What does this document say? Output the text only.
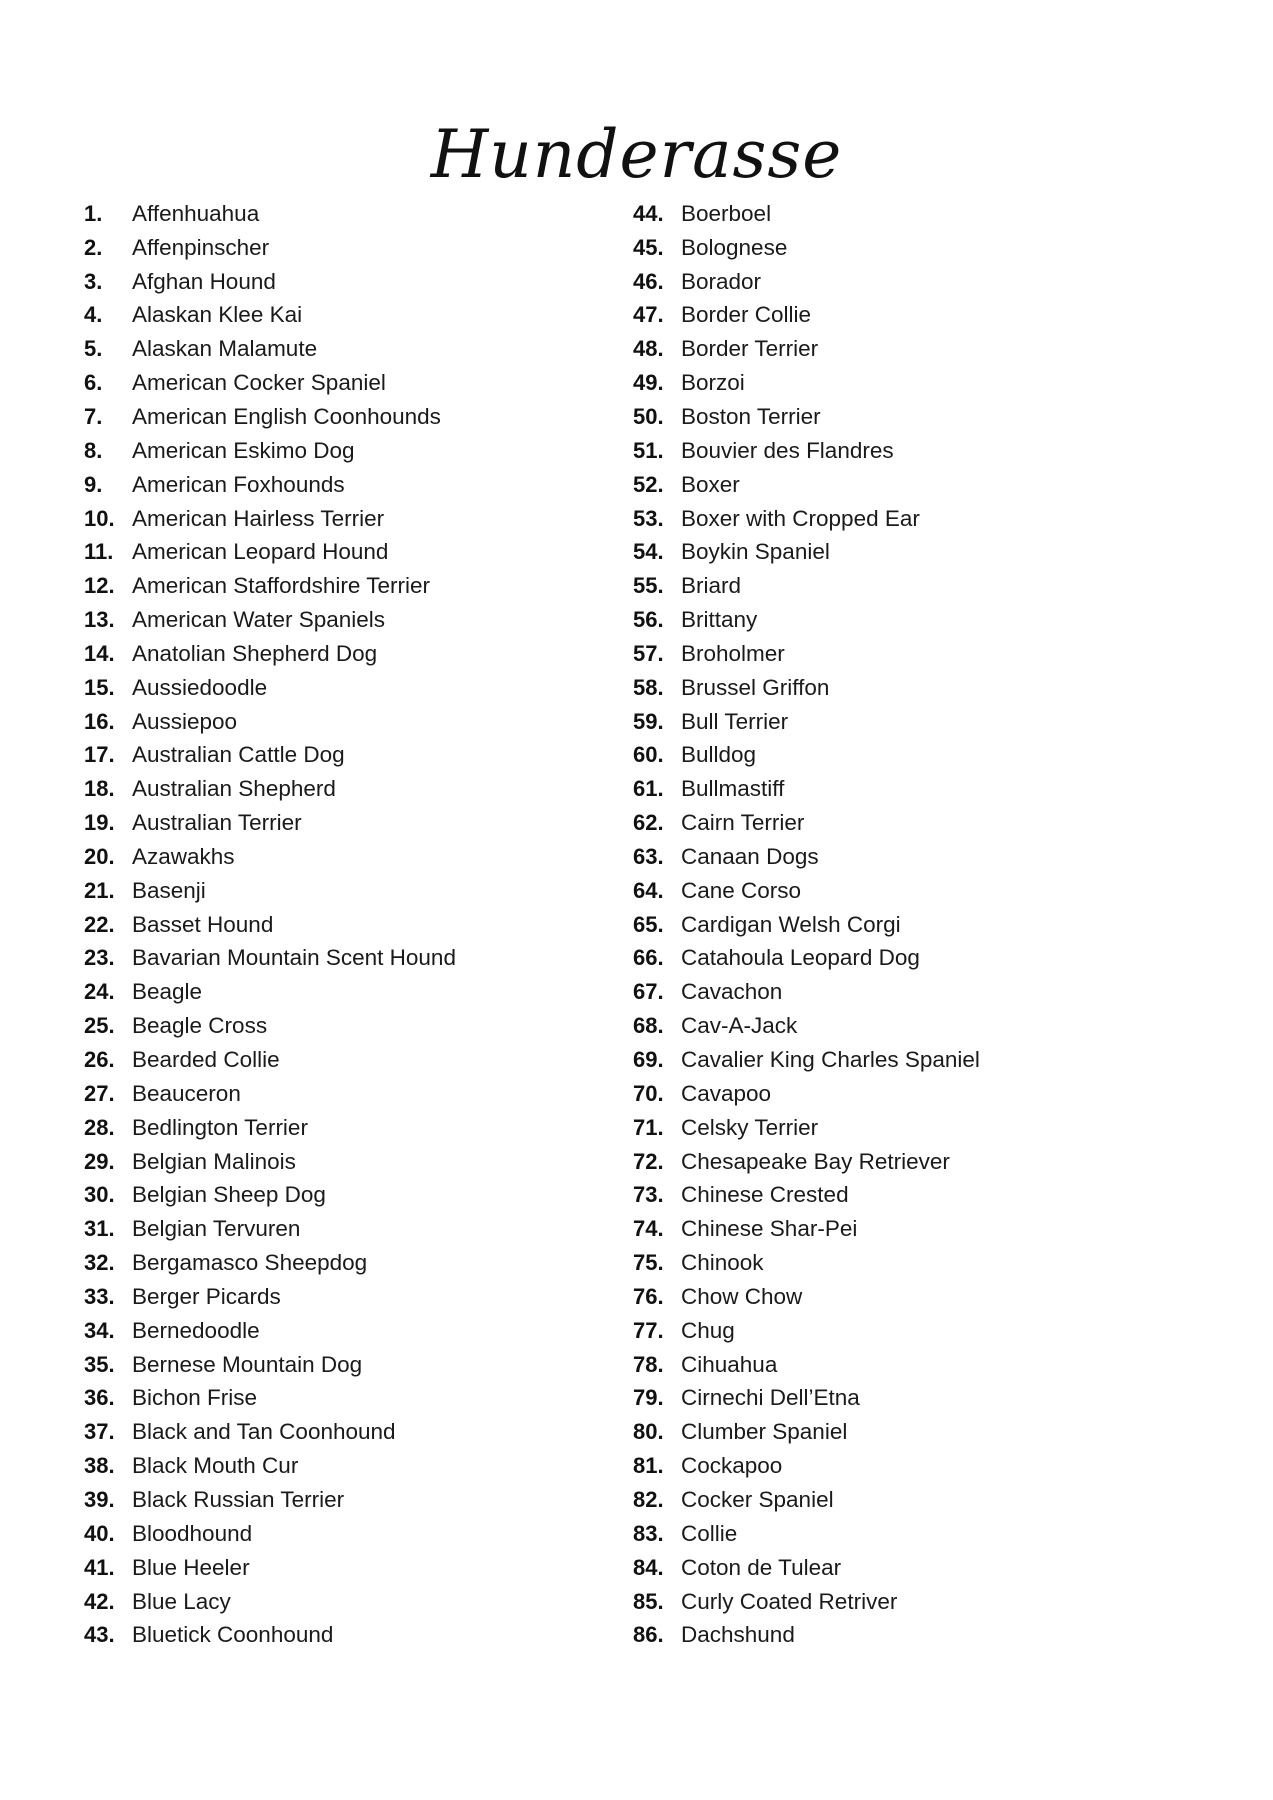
Hunderasse
1.	Affenhuahua
2.	Affenpinscher
3.	Afghan Hound
4.	Alaskan Klee Kai
5.	Alaskan Malamute
6.	American Cocker Spaniel
7.	American English Coonhounds
8.	American Eskimo Dog
9.	American Foxhounds
10. American Hairless Terrier
11. American Leopard Hound
12. American Staffordshire Terrier
13. American Water Spaniels
14. Anatolian Shepherd Dog
15. Aussiedoodle
16. Aussiepoo
17. Australian Cattle Dog
18. Australian Shepherd
19. Australian Terrier
20. Azawakhs
21. Basenji
22. Basset Hound
23. Bavarian Mountain Scent Hound
24. Beagle
25. Beagle Cross
26. Bearded Collie
27. Beauceron
28. Bedlington Terrier
29. Belgian Malinois
30. Belgian Sheep Dog
31. Belgian Tervuren
32. Bergamasco Sheepdog
33. Berger Picards
34. Bernedoodle
35. Bernese Mountain Dog
36. Bichon Frise
37. Black and Tan Coonhound
38. Black Mouth Cur
39. Black Russian Terrier
40. Bloodhound
41. Blue Heeler
42. Blue Lacy
43. Bluetick Coonhound
44. Boerboel
45. Bolognese
46. Borador
47. Border Collie
48. Border Terrier
49. Borzoi
50. Boston Terrier
51. Bouvier des Flandres
52. Boxer
53. Boxer with Cropped Ear
54. Boykin Spaniel
55. Briard
56. Brittany
57. Broholmer
58. Brussel Griffon
59. Bull Terrier
60. Bulldog
61. Bullmastiff
62. Cairn Terrier
63. Canaan Dogs
64. Cane Corso
65. Cardigan Welsh Corgi
66. Catahoula Leopard Dog
67. Cavachon
68. Cav-A-Jack
69. Cavalier King Charles Spaniel
70. Cavapoo
71. Celsky Terrier
72. Chesapeake Bay Retriever
73. Chinese Crested
74. Chinese Shar-Pei
75. Chinook
76. Chow Chow
77. Chug
78. Cihuahua
79. Cirnechi Dell’Etna
80. Clumber Spaniel
81. Cockapoo
82. Cocker Spaniel
83. Collie
84. Coton de Tulear
85. Curly Coated Retriver
86. Dachshund
